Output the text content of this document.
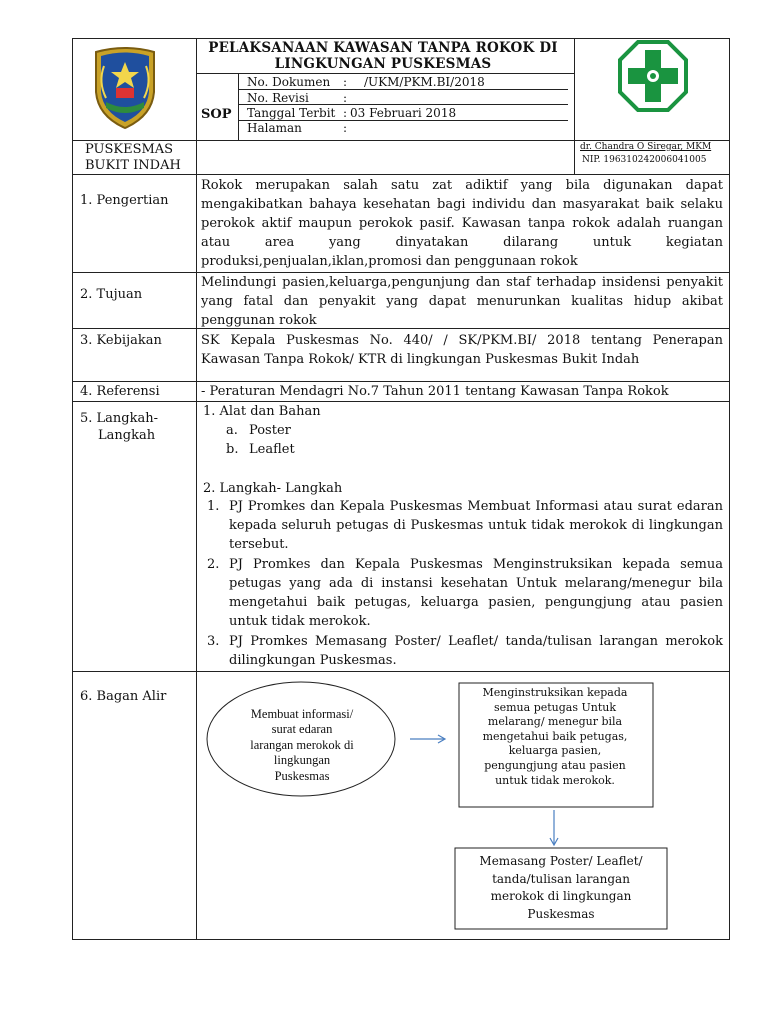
PELAKSANAAN KAWASAN TANPA ROKOK DI LINGKUNGAN PUSKESMAS
SOP
No. Dokumen : /UKM/PKM.BI/2018
No. Revisi	:
Tanggal Terbit : 03 Februari 2018
Halaman	:
PUSKESMAS
BUKIT INDAH
dr. Chandra O Siregar, MKM
NIP. 196310242006041005
1. Pengertian
Rokok merupakan salah satu zat adiktif yang bila digunakan dapat mengakibatkan bahaya kesehatan bagi individu dan masyarakat baik selaku perokok aktif maupun perokok pasif. Kawasan tanpa rokok adalah ruangan atau area yang dinyatakan dilarang untuk kegiatan produksi,penjualan,iklan,promosi dan penggunaan rokok
2. Tujuan
Melindungi pasien,keluarga,pengunjung dan staf terhadap insidensi penyakit yang fatal dan penyakit yang dapat menurunkan kualitas hidup akibat penggunan rokok
3. Kebijakan	SK Kepala Puskesmas No. 440/ / SK/PKM.BI/ 2018 tentang Penerapan Kawasan Tanpa Rokok/ KTR di lingkungan Puskesmas Bukit Indah
4. Referensi	- Peraturan Mendagri No.7 Tahun 2011 tentang Kawasan Tanpa Rokok
5. Langkah-
Langkah
1. Alat dan Bahan
a. Poster
b. Leaflet
2. Langkah- Langkah
1. PJ Promkes dan Kepala Puskesmas Membuat Informasi atau surat edaran kepada seluruh petugas di Puskesmas untuk tidak merokok di lingkungan tersebut.
2. PJ Promkes dan Kepala Puskesmas Menginstruksikan kepada semua petugas yang ada di instansi kesehatan Untuk melarang/menegur bila mengetahui baik petugas, keluarga pasien, pengungjung atau pasien untuk tidak merokok.
3. PJ Promkes Memasang Poster/ Leaflet/ tanda/tulisan larangan merokok dilingkungan Puskesmas.
6. Bagan Alir
Membuat informasi/
surat edaran
larangan merokok di
lingkungan
Puskesmas
Menginstruksikan kepada
semua petugas Untuk
melarang/ menegur bila
mengetahui baik petugas,
keluarga pasien,
pengungjung atau pasien
untuk tidak merokok.
Memasang Poster/ Leaflet/
tanda/tulisan larangan
merokok di lingkungan
Puskesmas
